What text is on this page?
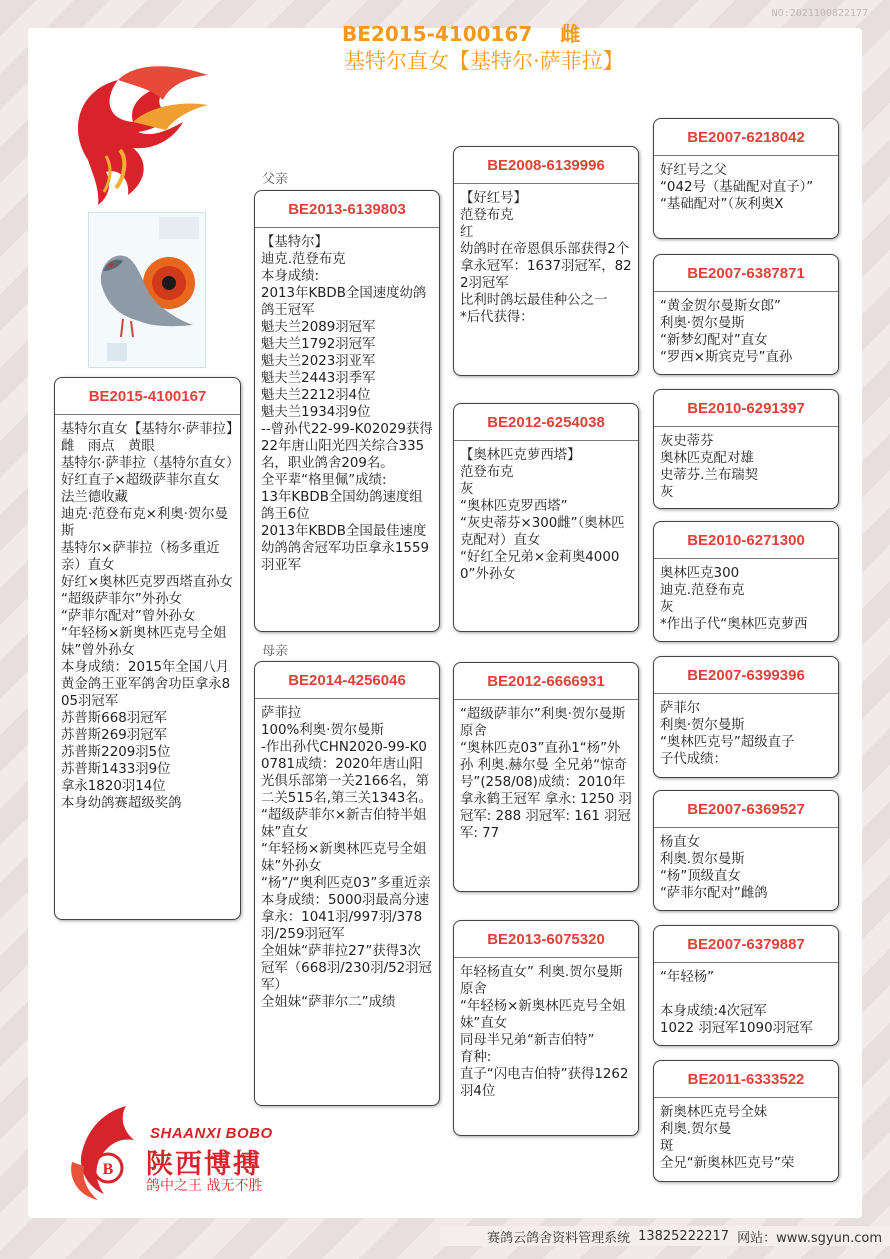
NO:2021100822177
BE2015-4100167 雌
基特尔直女【基特尔·萨菲拉】
父亲
母亲
BE2015-4100167
基特尔直女【基特尔·萨菲拉】
雌　雨点　黄眼
基特尔·萨菲拉（基特尔直女）
好红直子×超级萨菲尔直女
法兰德收藏
迪克·范登布克×利奥·贺尔曼斯
基特尔×萨菲拉（杨多重近亲）直女
好红×奥林匹克罗西塔直孙女
“超级萨菲尔”外孙女
“萨菲尔配对”曾外孙女
“年轻杨×新奥林匹克号全姐妹”曾外孙女
本身成绩：2015年全国八月黄金鸽王亚军鸽舍功臣拿永805羽冠军
苏普斯668羽冠军
苏普斯269羽冠军
苏普斯2209羽5位
苏普斯1433羽9位
拿永1820羽14位
本身幼鸽赛超级奖鸽
BE2013-6139803
【基特尔】
迪克.范登布克
本身成绩:
2013年KBDB全国速度幼鸽鸽王冠军
魁夫兰2089羽冠军
魁夫兰1792羽冠军
魁夫兰2023羽亚军
魁夫兰2443羽季军
魁夫兰2212羽4位
魁夫兰1934羽9位
--曾孙代22-99-K02029获得22年唐山阳光四关综合335名，职业鸽舍209名。
全平辈“格里佩”成绩:
13年KBDB全国幼鸽速度组鸽王6位
2013年KBDB全国最佳速度幼鸽鸽舍冠军功臣拿永1559羽亚军
BE2014-4256046
萨菲拉
100%利奥·贺尔曼斯
-作出孙代CHN2020-99-K00781成绩：2020年唐山阳光俱乐部第一关2166名，第二关515名,第三关1343名。
“超级萨菲尔×新吉伯特半姐妹”直女
“年轻杨×新奥林匹克号全姐妹”外孙女
“杨”/“奥利匹克03”多重近亲
本身成绩：5000羽最高分速
拿永：1041羽/997羽/378羽/259羽冠军
全姐妹“萨菲拉27”获得3次冠军（668羽/230羽/52羽冠军）
全姐妹“萨菲尔二”成绩
BE2008-6139996
【好红号】
范登布克
红
幼鸽时在帝恩俱乐部获得2个拿永冠军：1637羽冠军，822羽冠军
比利时鸽坛最佳种公之一
*后代获得：
BE2012-6254038
【奥林匹克萝西塔】
范登布克
灰
“奥林匹克罗西塔”
“灰史蒂芬×300雌”（奥林匹克配对）直女
“好红全兄弟×金莉奥40000”外孙女
BE2012-6666931
“超级萨菲尔”利奥·贺尔曼斯原舍
“奥林匹克03”直孙1“杨”外孙 利奥.赫尔曼 全兄弟“惊奇号”(258/08)成绩：2010年拿永鹤王冠军 拿永: 1250 羽冠军: 288 羽冠军: 161 羽冠军: 77
BE2013-6075320
年轻杨直女” 利奥.贺尔曼斯原舍
“年轻杨×新奥林匹克号全姐妹”直女
同母半兄弟“新吉伯特”
育种:
直子“闪电吉伯特”获得1262羽4位
BE2007-6218042
好红号之父
“042号（基础配对直子）”
“基础配对”（灰利奥X
BE2007-6387871
“黄金贺尔曼斯女郎”
利奥·贺尔曼斯
“新梦幻配对”直女
“罗西×斯宾克号”直孙
BE2010-6291397
灰史蒂芬
奥林匹克配对雄
史蒂芬.兰布瑞契
灰
BE2010-6271300
奥林匹克300
迪克.范登布克
灰
*作出子代“奥林匹克萝西
BE2007-6399396
萨菲尔
利奥·贺尔曼斯
“奥林匹克号”超级直子
子代成绩：
BE2007-6369527
杨直女
利奥.贺尔曼斯
“杨”顶级直女
“萨菲尔配对”雌鸽
BE2007-6379887
“年轻杨”
本身成绩:4次冠军
1022 羽冠军1090羽冠军
BE2011-6333522
新奥林匹克号全妹
利奥.贺尔曼
斑
全兄“新奥林匹克号”荣
B
SHAANXI BOBO
陕西博搏
鸽中之王 战无不胜
赛鸽云鸽舍资料管理系统 13825222217 网站：www.sgyun.com
